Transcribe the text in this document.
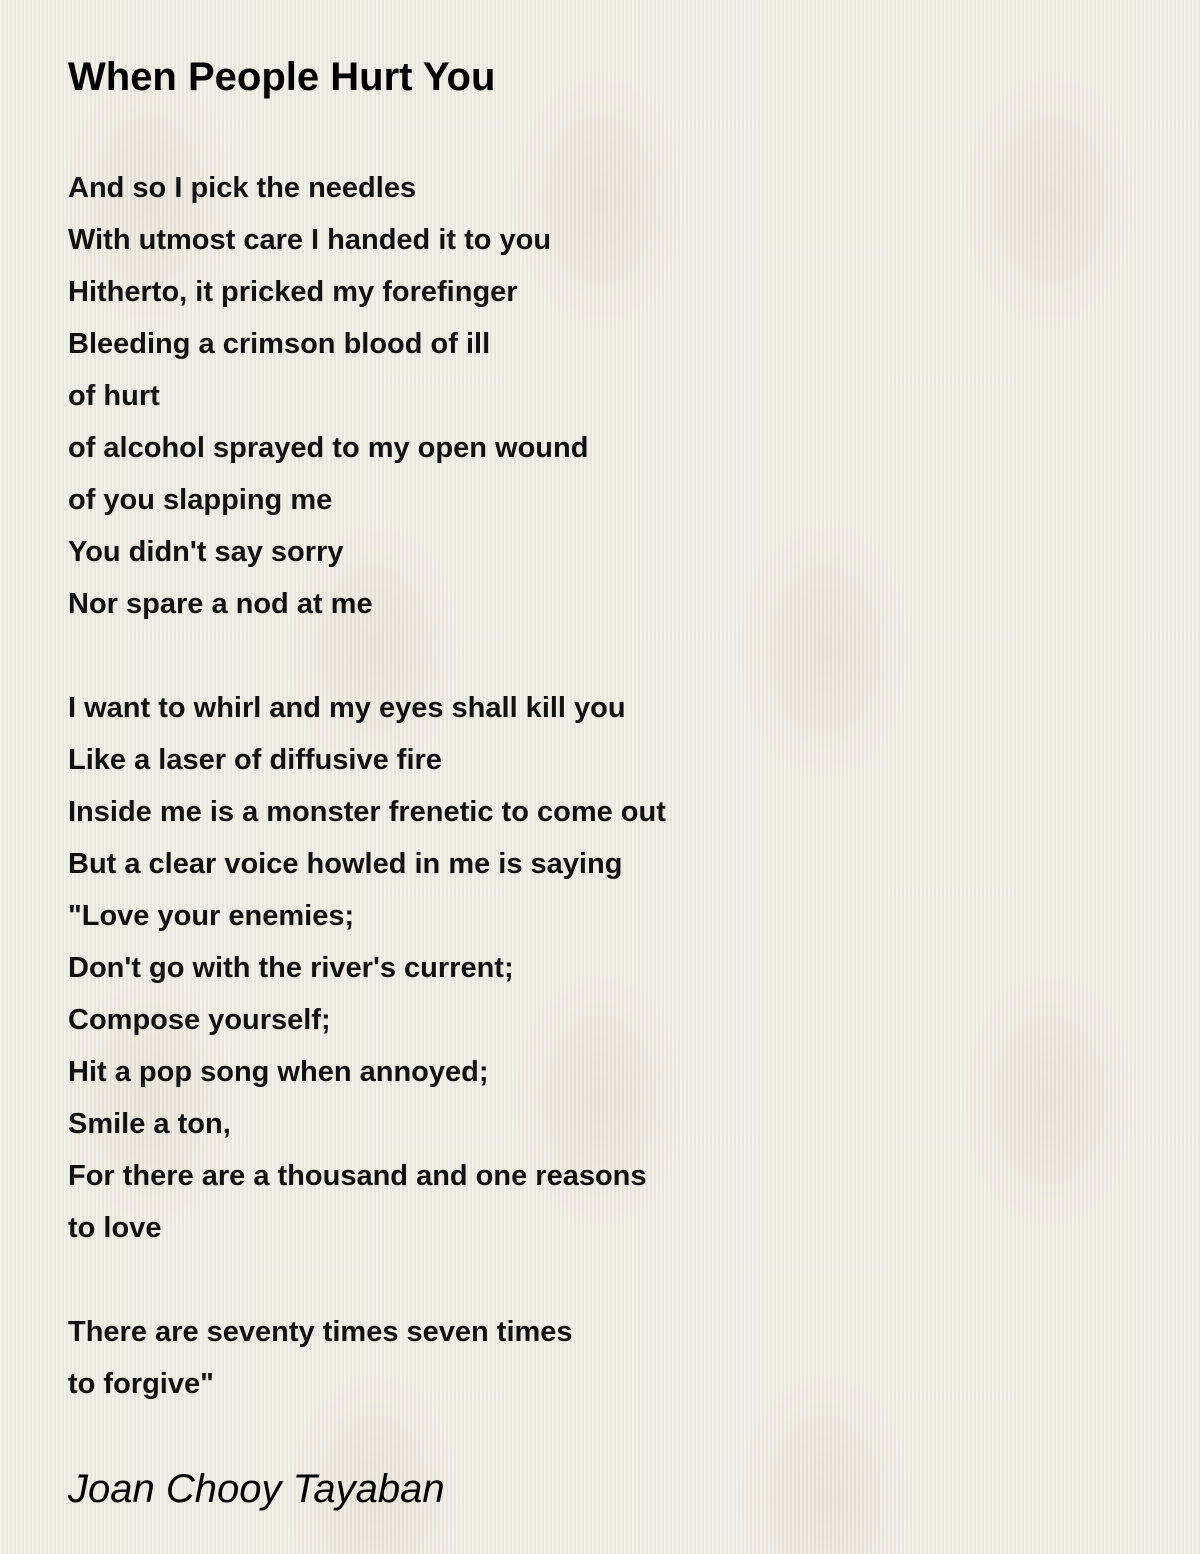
When People Hurt You
And so I pick the needles
With utmost care I handed it to you
Hitherto, it pricked my forefinger
Bleeding a crimson blood of ill
of hurt
of alcohol sprayed to my open wound
of you slapping me
You didn't say sorry
Nor spare a nod at me
I want to whirl and my eyes shall kill you
Like a laser of diffusive fire
Inside me is a monster frenetic to come out
But a clear voice howled in me is saying
"Love your enemies;
Don't go with the river's current;
Compose yourself;
Hit a pop song when annoyed;
Smile a ton,
For there are a thousand and one reasons
to love
There are seventy times seven times
to forgive"
Joan Chooy Tayaban
